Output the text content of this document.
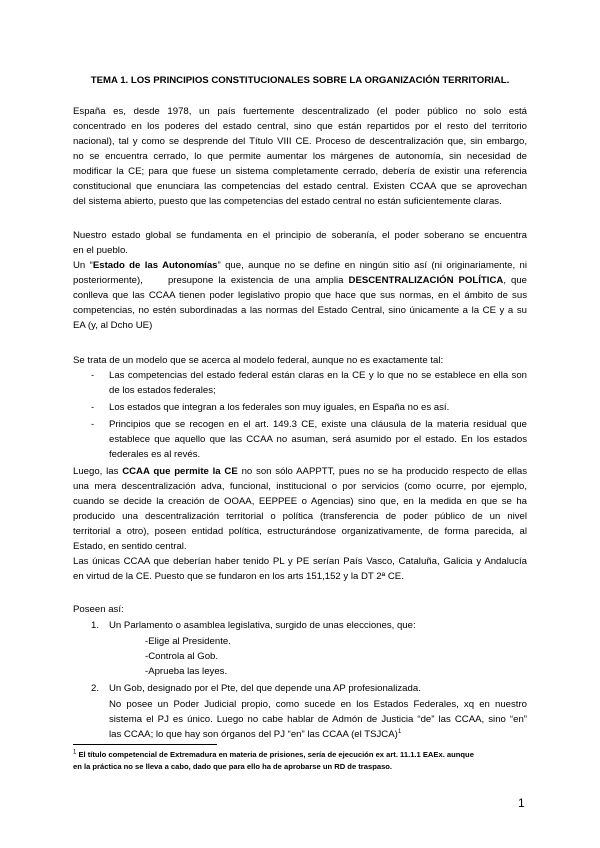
TEMA 1. LOS PRINCIPIOS CONSTITUCIONALES SOBRE LA ORGANIZACIÓN TERRITORIAL.

España es, desde 1978, un país fuertemente descentralizado (el poder público no solo está

concentrado en los poderes del estado central, sino que están repartidos por el resto del territorio

nacional), tal y como se desprende del Título VIII CE. Proceso de descentralización que, sin embargo,

no se encuentra cerrado, lo que permite aumentar los márgenes de autonomía, sin necesidad de

modificar la CE; para que fuese un sistema completamente cerrado, debería de existir una referencia

constitucional que enunciara las competencias del estado central. Existen CCAA que se aprovechan

del sistema abierto, puesto que las competencias del estado central no están suficientemente claras.

Nuestro estado global se fundamenta en el principio de soberanía, el poder soberano se encuentra

en el pueblo.

Un “Estado de las Autonomías” que, aunque no se define en ningún sitio así (ni originariamente, ni

posteriormente),	presupone la existencia de una amplia DESCENTRALIZACIÓN POLÍTICA, que

conlleva que las CCAA tienen poder legislativo propio que hace que sus normas, en el ámbito de sus

competencias, no estén subordinadas a las normas del Estado Central, sino únicamente a la CE y a su

EA (y, al Dcho UE)

Se trata de un modelo que se acerca al modelo federal, aunque no es exactamente tal:

- Las competencias del estado federal están claras en la CE y lo que no se establece en ella son

de los estados federales;

- Los estados que integran a los federales son muy iguales, en España no es así.

- Principios que se recogen en el art. 149.3 CE, existe una cláusula de la materia residual que

establece que aquello que las CCAA no asuman, será asumido por el estado. En los estados

federales es al revés.

Luego, las CCAA que permite la CE no son sólo AAPPTT, pues no se ha producido respecto de ellas

una mera descentralización adva, funcional, institucional o por servicios (como ocurre, por ejemplo,

cuando se decide la creación de OOAA, EEPPEE o Agencias) sino que, en la medida en que se ha

producido una descentralización territorial o política (transferencia de poder público de un nivel

territorial a otro), poseen entidad política, estructurándose organizativamente, de forma parecida, al

Estado, en sentido central.

Las únicas CCAA que deberían haber tenido PL y PE serían País Vasco, Cataluña, Galicia y Andalucía

en virtud de la CE. Puesto que se fundaron en los arts 151,152 y la DT 2ª CE.

Poseen así:

1. Un Parlamento o asamblea legislativa, surgido de unas elecciones, que:

-Elige al Presidente.

-Controla al Gob.

-Aprueba las leyes.

2. Un Gob, designado por el Pte, del que depende una AP profesionalizada.

No posee un Poder Judicial propio, como sucede en los Estados Federales, xq en nuestro

sistema el PJ es único. Luego no cabe hablar de Admón de Justicia “de” las CCAA, sino “en”

las CCAA; lo que hay son órganos del PJ “en” las CCAA (el TSJCA)$^1$

$^1$ El título competencial de Extremadura en materia de prisiones, sería de ejecución ex art. 11.1.1 EAEx. aunque

en la práctica no se lleva a cabo, dado que para ello ha de aprobarse un RD de traspaso.

1
